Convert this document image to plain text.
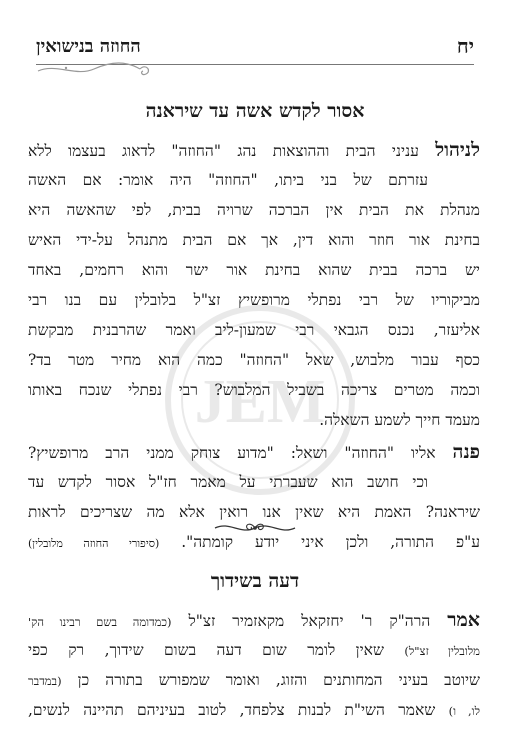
JEM
יח
החוזה בנישואין
אסור לקדש אשה עד שיראנה
לניהול עניני הבית וההוצאות נהג "החוזה" לדאוג בעצמו ללא
עזרתם של בני ביתו, "החוזה" היה אומר: אם האשה
מנהלת את הבית אין הברכה שרויה בבית, לפי שהאשה היא
בחינת אור חוזר והוא דין, אך אם הבית מתנהל על-ידי האיש
יש ברכה בבית שהוא בחינת אור ישר והוא רחמים, באחד
מביקוריו של רבי נפתלי מרופשיץ זצ"ל בלובלין עם בנו רבי
אליעזר, נכנס הגבאי רבי שמעון-ליב ואמר שהרבנית מבקשת
כסף עבור מלבוש, שאל "החוזה" כמה הוא מחיר מטר בד?
וכמה מטרים צריכה בשביל המלבוש? רבי נפתלי שנכח באותו
מעמד חייך לשמע השאלה.
פנה אליו "החוזה" ושאל: "מדוע צוחק ממני הרב מרופשיץ?
וכי חושב הוא שעברתי על מאמר חז"ל אסור לקדש עד
שיראנה? האמת היא שאין אנו רואין אלא מה שצריכים לראות
ע"פ התורה, ולכן איני יודע קומתה". (סיפורי החוזה מלובלין)
דעה בשידוך
אמר הרה"ק ר' יחזקאל מקאזמיר זצ"ל (כמדומה בשם רבינו הק'
מלובלין זצ"ל) שאין לומר שום דעה בשום שידוך, רק כפי
שיוטב בעיני המחותנים והזוג, ואומר שמפורש בתורה כן (במדבר
לו, ו) שאמר השי"ת לבנות צלפחד, לטוב בעיניהם תהיינה לנשים,
